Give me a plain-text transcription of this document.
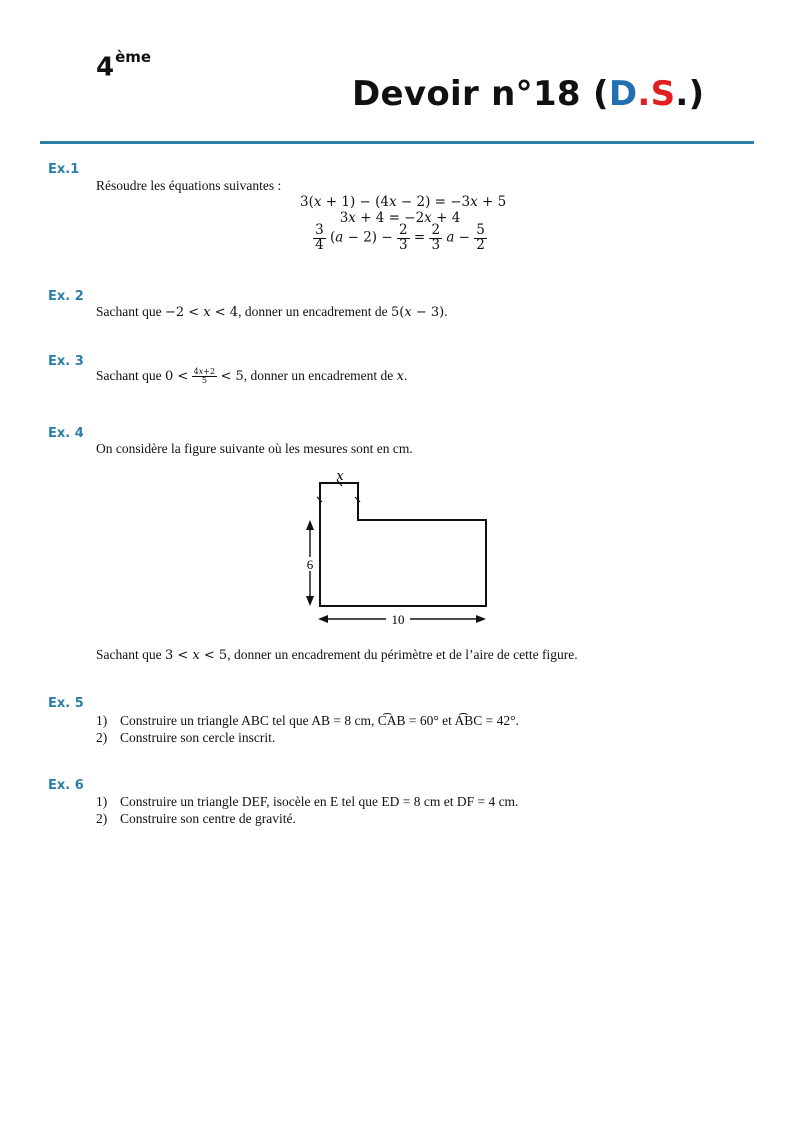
4ème
Devoir n°18 (D.S.)
Ex.1
Résoudre les équations suivantes :
3(𝑥 + 1) − (4𝑥 − 2) = −3𝑥 + 5
3𝑥 + 4 = −2𝑥 + 4
$\frac{3}{4}$ (𝑎 − $2) - \frac{2}{3} = \frac{2}{3}$ 𝑎 − $\frac{5}{2}$
Ex. 2
Sachant que −2 < 𝑥 < 4, donner un encadrement de 5(𝑥 − 3).
Ex. 3
Sachant que $0 < \frac{\text{4𝑥+2}}{5} < 5$, donner un encadrement de 𝑥.
Ex. 4
On considère la figure suivante où les mesures sont en cm.
𝑥
6
10
Sachant que 3 < 𝑥 < 5, donner un encadrement du périmètre et de l’aire de cette figure.
Ex. 5
1) Construire un triangle ABC tel que AB = 8 cm, C͡AB = 60° et A͡BC = 42°.
2) Construire son cercle inscrit.
Ex. 6
1) Construire un triangle DEF, isocèle en E tel que ED = 8 cm et DF = 4 cm.
2) Construire son centre de gravité.
